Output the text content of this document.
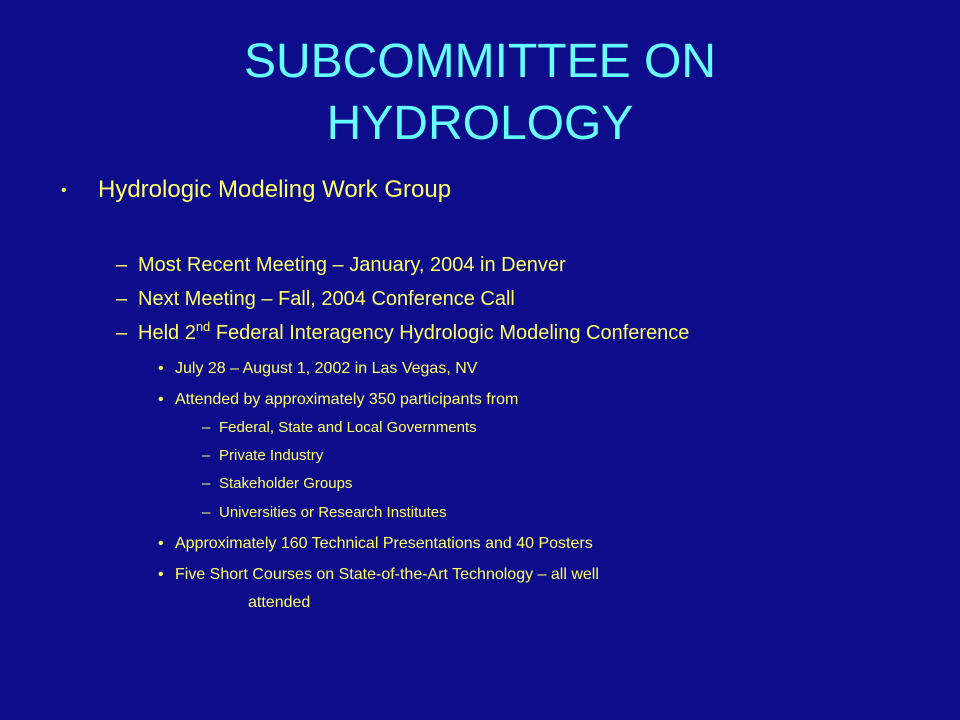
SUBCOMMITTEE ON
HYDROLOGY
• Hydrologic Modeling Work Group
– Most Recent Meeting – January, 2004 in Denver
– Next Meeting – Fall, 2004 Conference Call
– Held 2nd Federal Interagency Hydrologic Modeling Conference
• July 28 – August 1, 2002 in Las Vegas, NV
• Attended by approximately 350 participants from
– Federal, State and Local Governments
– Private Industry
– Stakeholder Groups
– Universities or Research Institutes
• Approximately 160 Technical Presentations and 40 Posters
• Five Short Courses on State-of-the-Art Technology – all well
attended
